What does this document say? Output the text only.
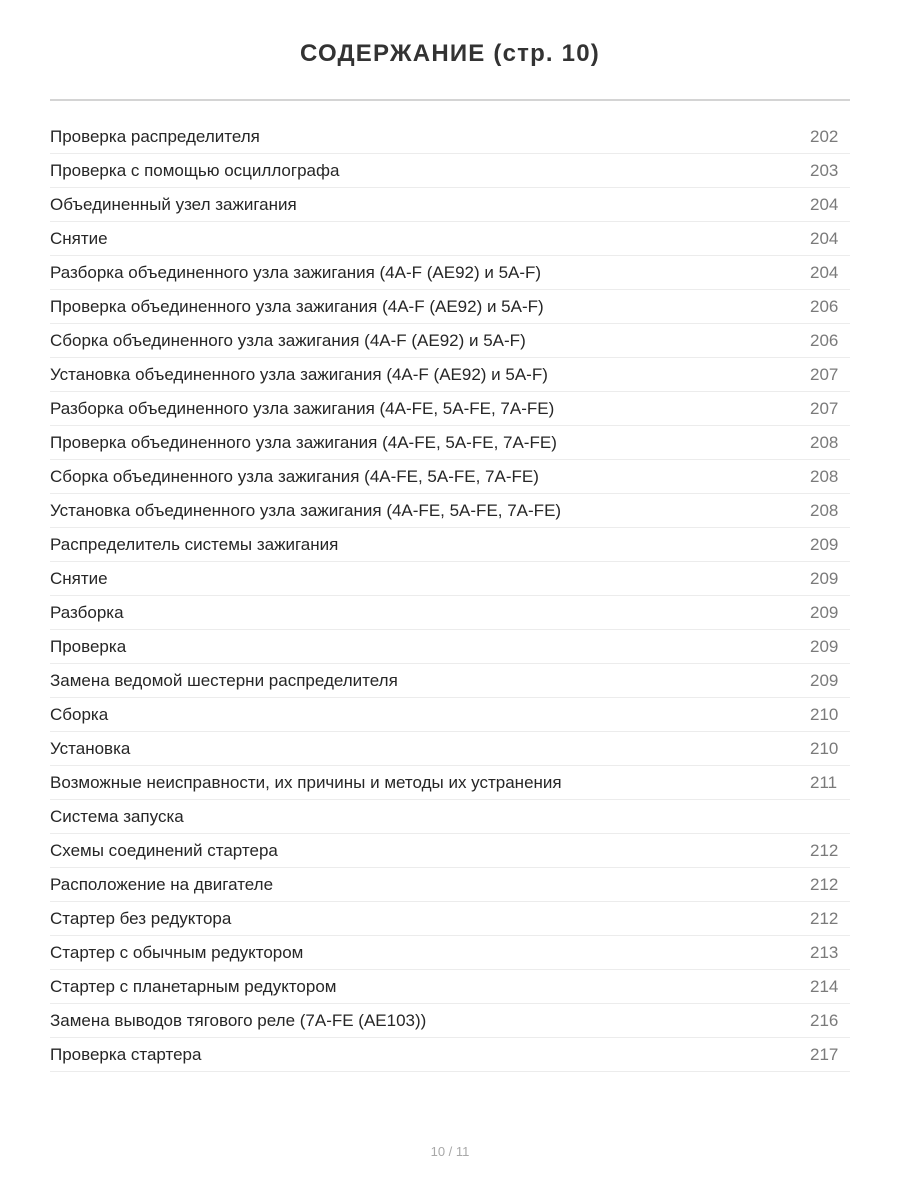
СОДЕРЖАНИЕ (стр. 10)
Проверка распределителя	202
Проверка с помощью осциллографа	203
Объединенный узел зажигания	204
Снятие	204
Разборка объединенного узла зажигания (4A-F (AE92) и 5A-F)	204
Проверка объединенного узла зажигания (4A-F (AE92) и 5A-F)	206
Сборка объединенного узла зажигания (4A-F (AE92) и 5A-F)	206
Установка объединенного узла зажигания (4A-F (AE92) и 5A-F)	207
Разборка объединенного узла зажигания (4A-FE, 5A-FE, 7A-FE)	207
Проверка объединенного узла зажигания (4A-FE, 5A-FE, 7A-FE)	208
Сборка объединенного узла зажигания (4A-FE, 5A-FE, 7A-FE)	208
Установка объединенного узла зажигания (4A-FE, 5A-FE, 7A-FE)	208
Распределитель системы зажигания	209
Снятие	209
Разборка	209
Проверка	209
Замена ведомой шестерни распределителя	209
Сборка	210
Установка	210
Возможные неисправности, их причины и методы их устранения	211
Система запуска
Схемы соединений стартера	212
Расположение на двигателе	212
Стартер без редуктора	212
Стартер с обычным редуктором	213
Стартер с планетарным редуктором	214
Замена выводов тягового реле (7A-FE (AE103))	216
Проверка стартера	217
10 / 11
